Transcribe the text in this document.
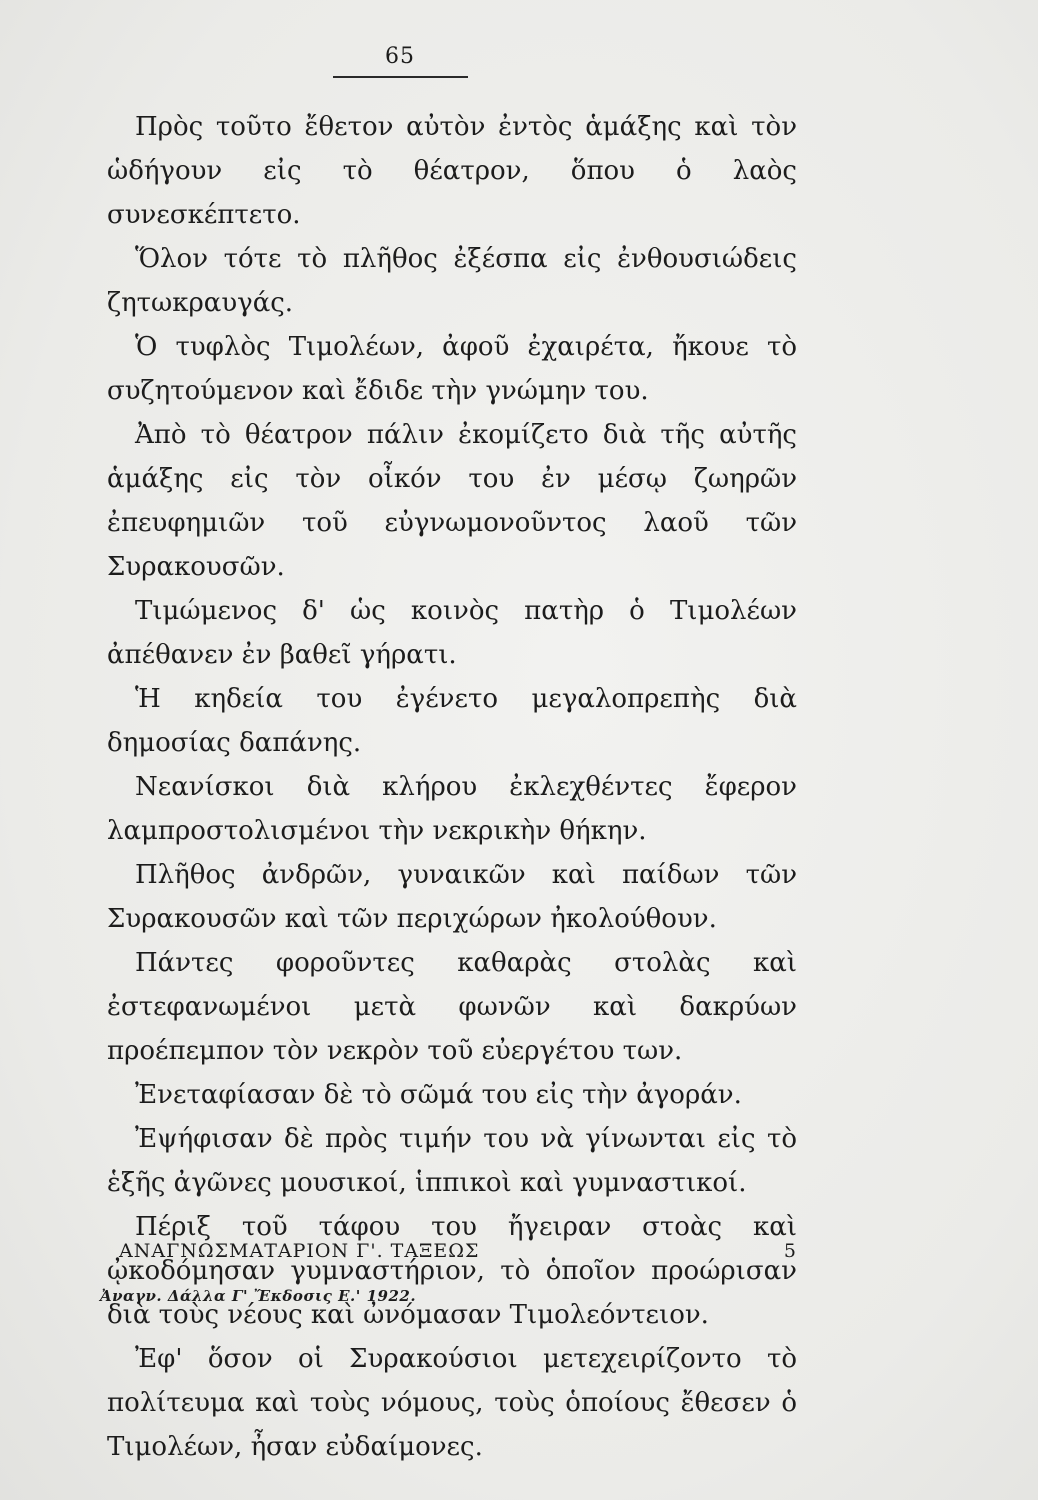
65

Πρὸς τοῦτο ἔθετον αὐτὸν ἐντὸς ἁμάξης καὶ τὸν ὡδήγουν εἰς τὸ θέατρον, ὅπου ὁ λαὸς συνεσκέπτετο.

Ὅλον τότε τὸ πλῆθος ἐξέσπα εἰς ἐνθουσιώδεις ζητωκραυγάς.

Ὁ τυφλὸς Τιμολέων, ἀφοῦ ἐχαιρέτα, ἤκουε τὸ συζητούμενον καὶ ἔδιδε τὴν γνώμην του.

Ἀπὸ τὸ θέατρον πάλιν ἐκομίζετο διὰ τῆς αὐτῆς ἁμάξης εἰς τὸν οἶκόν του ἐν μέσῳ ζωηρῶν ἐπευφημιῶν τοῦ εὐγνωμονοῦντος λαοῦ τῶν Συρακουσῶν.

Τιμώμενος δ' ὡς κοινὸς πατὴρ ὁ Τιμολέων ἀπέθανεν ἐν βαθεῖ γήρατι.

Ἡ κηδεία του ἐγένετο μεγαλοπρεπὴς διὰ δημοσίας δαπάνης.

Νεανίσκοι διὰ κλήρου ἐκλεχθέντες ἔφερον λαμπροστολισμένοι τὴν νεκρικὴν θήκην.

Πλῆθος ἀνδρῶν, γυναικῶν καὶ παίδων τῶν Συρακουσῶν καὶ τῶν περιχώρων ἠκολούθουν.

Πάντες φοροῦντες καθαρὰς στολὰς καὶ ἐστεφανωμένοι μετὰ φωνῶν καὶ δακρύων προέπεμπον τὸν νεκρὸν τοῦ εὐεργέτου των.

Ἐνεταφίασαν δὲ τὸ σῶμά του εἰς τὴν ἀγοράν.

Ἐψήφισαν δὲ πρὸς τιμήν του νὰ γίνωνται εἰς τὸ ἑξῆς ἀγῶνες μουσικοί, ἱππικοὶ καὶ γυμναστικοί.

Πέριξ τοῦ τάφου του ἤγειραν στοὰς καὶ ᾠκοδόμησαν γυμναστήριον, τὸ ὁποῖον προώρισαν διὰ τοὺς νέους καὶ ὠνόμασαν Τιμολεόντειον.

Ἐφ' ὅσον οἱ Συρακούσιοι μετεχειρίζοντο τὸ πολίτευμα καὶ τοὺς νόμους, τοὺς ὁποίους ἔθεσεν ὁ Τιμολέων, ἦσαν εὐδαίμονες.

ΑΝΑΓΝΩΣΜΑΤΑΡΙΟΝ Γ'. ΤΑΞΕΩΣ	5
Ἀναγν. Δάλλα Γ' Ἔκδοσις Ε.' 1922.
